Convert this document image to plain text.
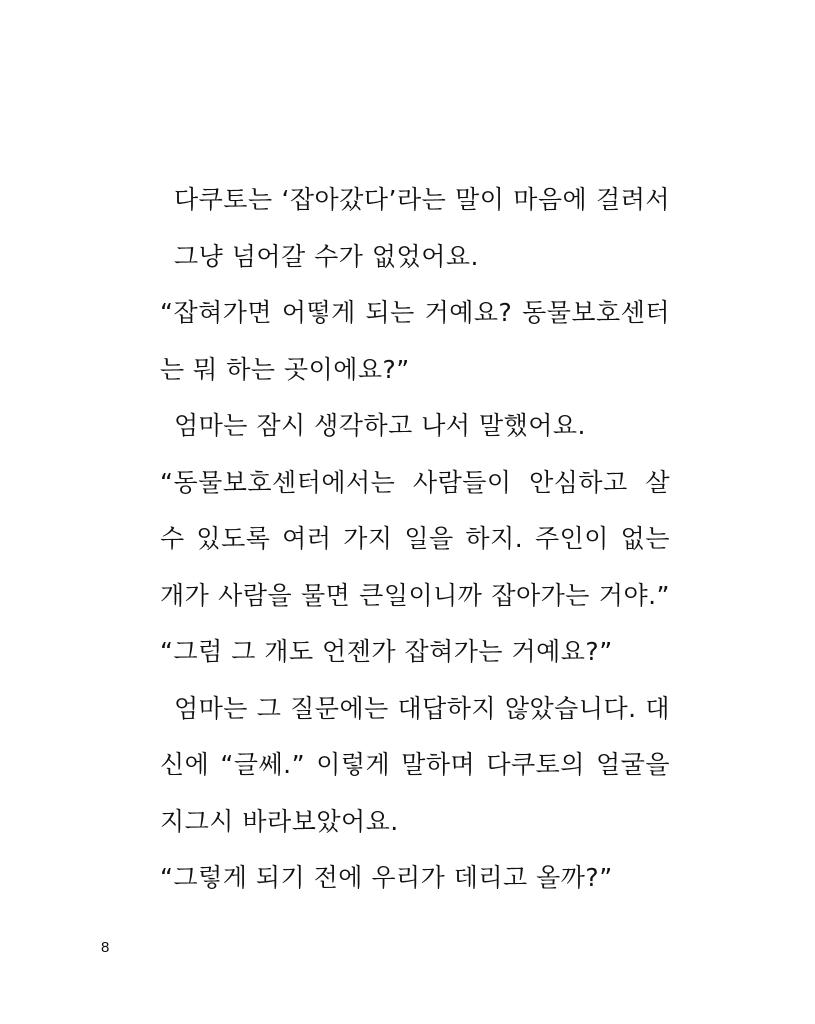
다쿠토는 ‘잡아갔다’라는 말이 마음에 걸려서
그냥 넘어갈 수가 없었어요.
“잡혀가면 어떻게 되는 거예요? 동물보호센터
는 뭐 하는 곳이에요?”
엄마는 잠시 생각하고 나서 말했어요.
“동물보호센터에서는 사람들이 안심하고 살
수 있도록 여러 가지 일을 하지. 주인이 없는
개가 사람을 물면 큰일이니까 잡아가는 거야.”
“그럼 그 개도 언젠가 잡혀가는 거예요?”
엄마는 그 질문에는 대답하지 않았습니다. 대
신에 “글쎄.” 이렇게 말하며 다쿠토의 얼굴을
지그시 바라보았어요.
“그렇게 되기 전에 우리가 데리고 올까?”
8
